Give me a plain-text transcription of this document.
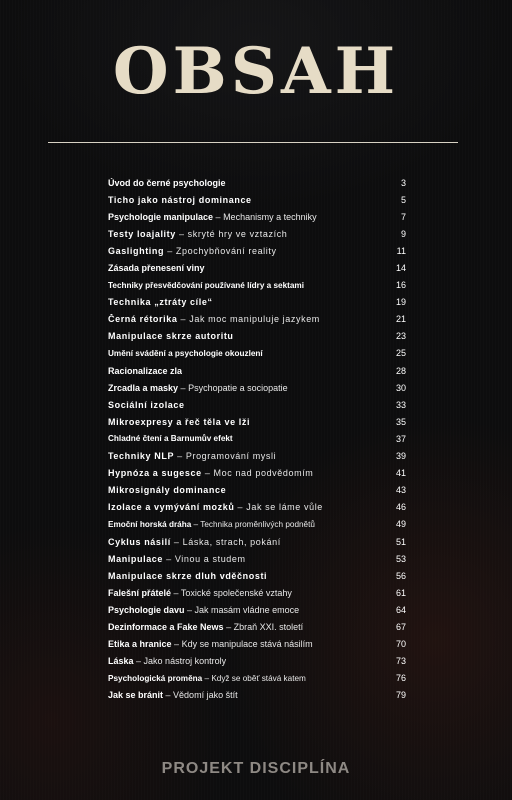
OBSAH
Úvod do černé psychologie	3
Ticho jako nástroj dominance	5
Psychologie manipulace – Mechanismy a techniky	7
Testy loajality – skryté hry ve vztazích	9
Gaslighting – Zpochybňování reality	11
Zásada přenesení viny	14
Techniky přesvědčování používané lídry a sektami	16
Technika „ztráty cíle“	19
Černá rétorika – Jak moc manipuluje jazykem	21
Manipulace skrze autoritu	23
Umění svádění a psychologie okouzlení	25
Racionalizace zla	28
Zrcadla a masky – Psychopatie a sociopatie	30
Sociální izolace	33
Mikroexpresy a řeč těla ve lži	35
Chladné čtení a Barnumův efekt	37
Techniky NLP – Programování mysli	39
Hypnóza a sugesce – Moc nad podvědomím	41
Mikrosignály dominance	43
Izolace a vymývání mozků – Jak se láme vůle	46
Emoční horská dráha – Technika proměnlivých podnětů	49
Cyklus násilí – Láska, strach, pokání	51
Manipulace – Vinou a studem	53
Manipulace skrze dluh vděčnosti	56
Falešní přátelé – Toxické společenské vztahy	61
Psychologie davu – Jak masám vládne emoce	64
Dezinformace a Fake News – Zbraň XXI. století	67
Etika a hranice – Kdy se manipulace stává násilím	70
Láska – Jako nástroj kontroly	73
Psychologická proměna – Když se oběť stává katem	76
Jak se bránit – Vědomí jako štít	79
PROJEKT DISCIPLÍNA
